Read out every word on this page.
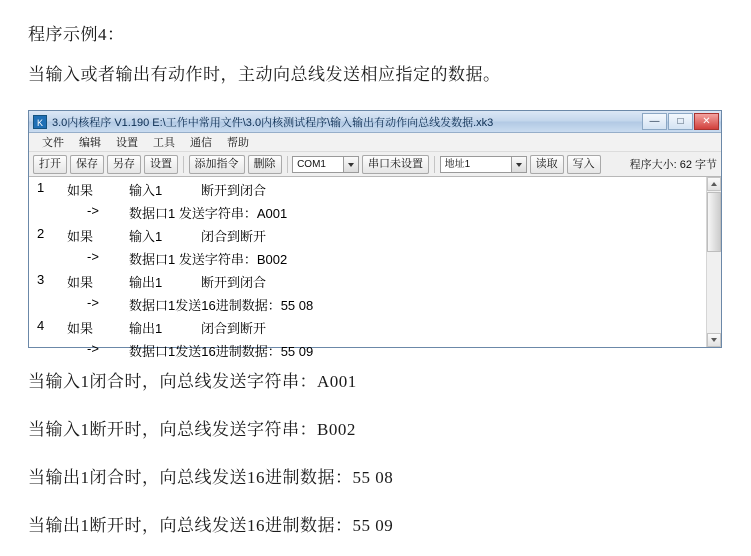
程序示例4：
当输入或者输出有动作时，主动向总线发送相应指定的数据。
K 3.0内核程序 V1.190 E:\工作中常用文件\3.0内核测试程序\输入输出有动作向总线发数据.xk3	—	□	✕
文件	编辑	设置	工具	通信	帮助
打开	保存	另存	设置	添加指令	删除	COM1	串口未设置	地址1	读取	写入	程序大小: 62 字节
1 如果	输入1	断开到闭合
-> 数据口1 发送字符串：A001
2 如果	输入1	闭合到断开
-> 数据口1 发送字符串：B002
3 如果	输出1	断开到闭合
-> 数据口1发送16进制数据：55 08
4 如果	输出1	闭合到断开
-> 数据口1发送16进制数据：55 09
当输入1闭合时，向总线发送字符串：A001
当输入1断开时，向总线发送字符串：B002
当输出1闭合时，向总线发送16进制数据：55 08
当输出1断开时，向总线发送16进制数据：55 09
